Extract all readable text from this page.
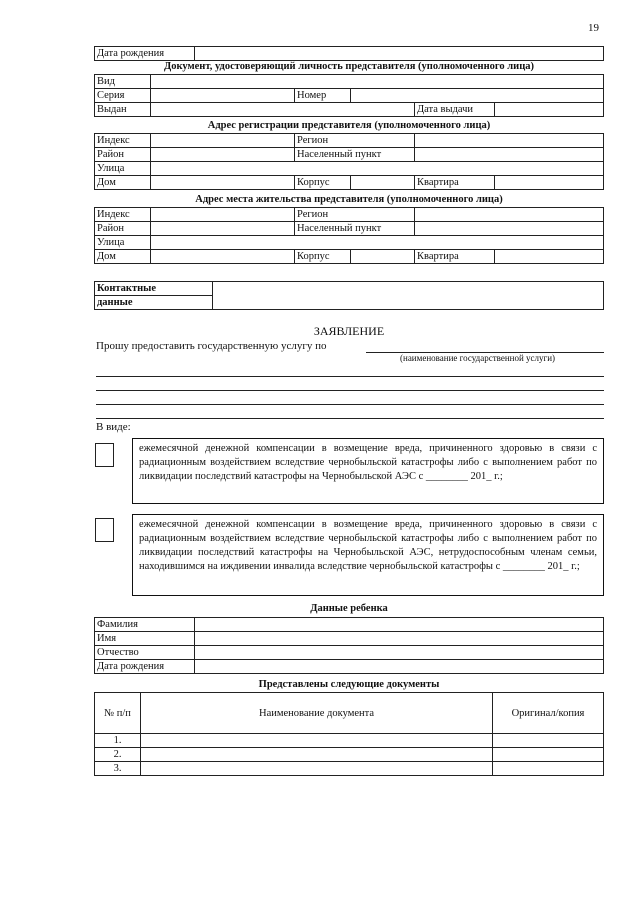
19
Дата рождения	
Документ, удостоверяющий личность представителя (уполномоченного лица)
Вид					
Серия		Номер			
Выдан				Дата выдачи	
Адрес регистрации представителя (уполномоченного лица)
Индекс		Регион			
Район		Населенный пункт			
Улица					
Дом		Корпус		Квартира	
Адрес места жительства представителя (уполномоченного лица)
Индекс		Регион			
Район		Населенный пункт			
Улица					
Дом		Корпус		Квартира	
Контактные	
данные
ЗАЯВЛЕНИЕ
Прошу предоставить государственную услугу по
(наименование государственной услуги)
В виде:
ежемесячной денежной компенсации в возмещение вреда, причиненного здоровью в связи с радиационным воздействием вследствие чернобыльской катастрофы либо с выполнением работ по ликвидации последствий катастрофы на Чернобыльской АЭС с ________ 201_ г.;
ежемесячной денежной компенсации в возмещение вреда, причиненного здоровью в связи с радиационным воздействием вследствие чернобыльской катастрофы либо с выполнением работ по ликвидации последствий катастрофы на Чернобыльской АЭС, нетрудоспособным членам семьи, находившимся на иждивении инвалида вследствие чернобыльской катастрофы с ________ 201_ г.;
Данные ребенка
Фамилия	
Имя	
Отчество	
Дата рождения	
Представлены следующие документы
№ п/п	Наименование документа	Оригинал/копия
1.		
2.		
3.		
